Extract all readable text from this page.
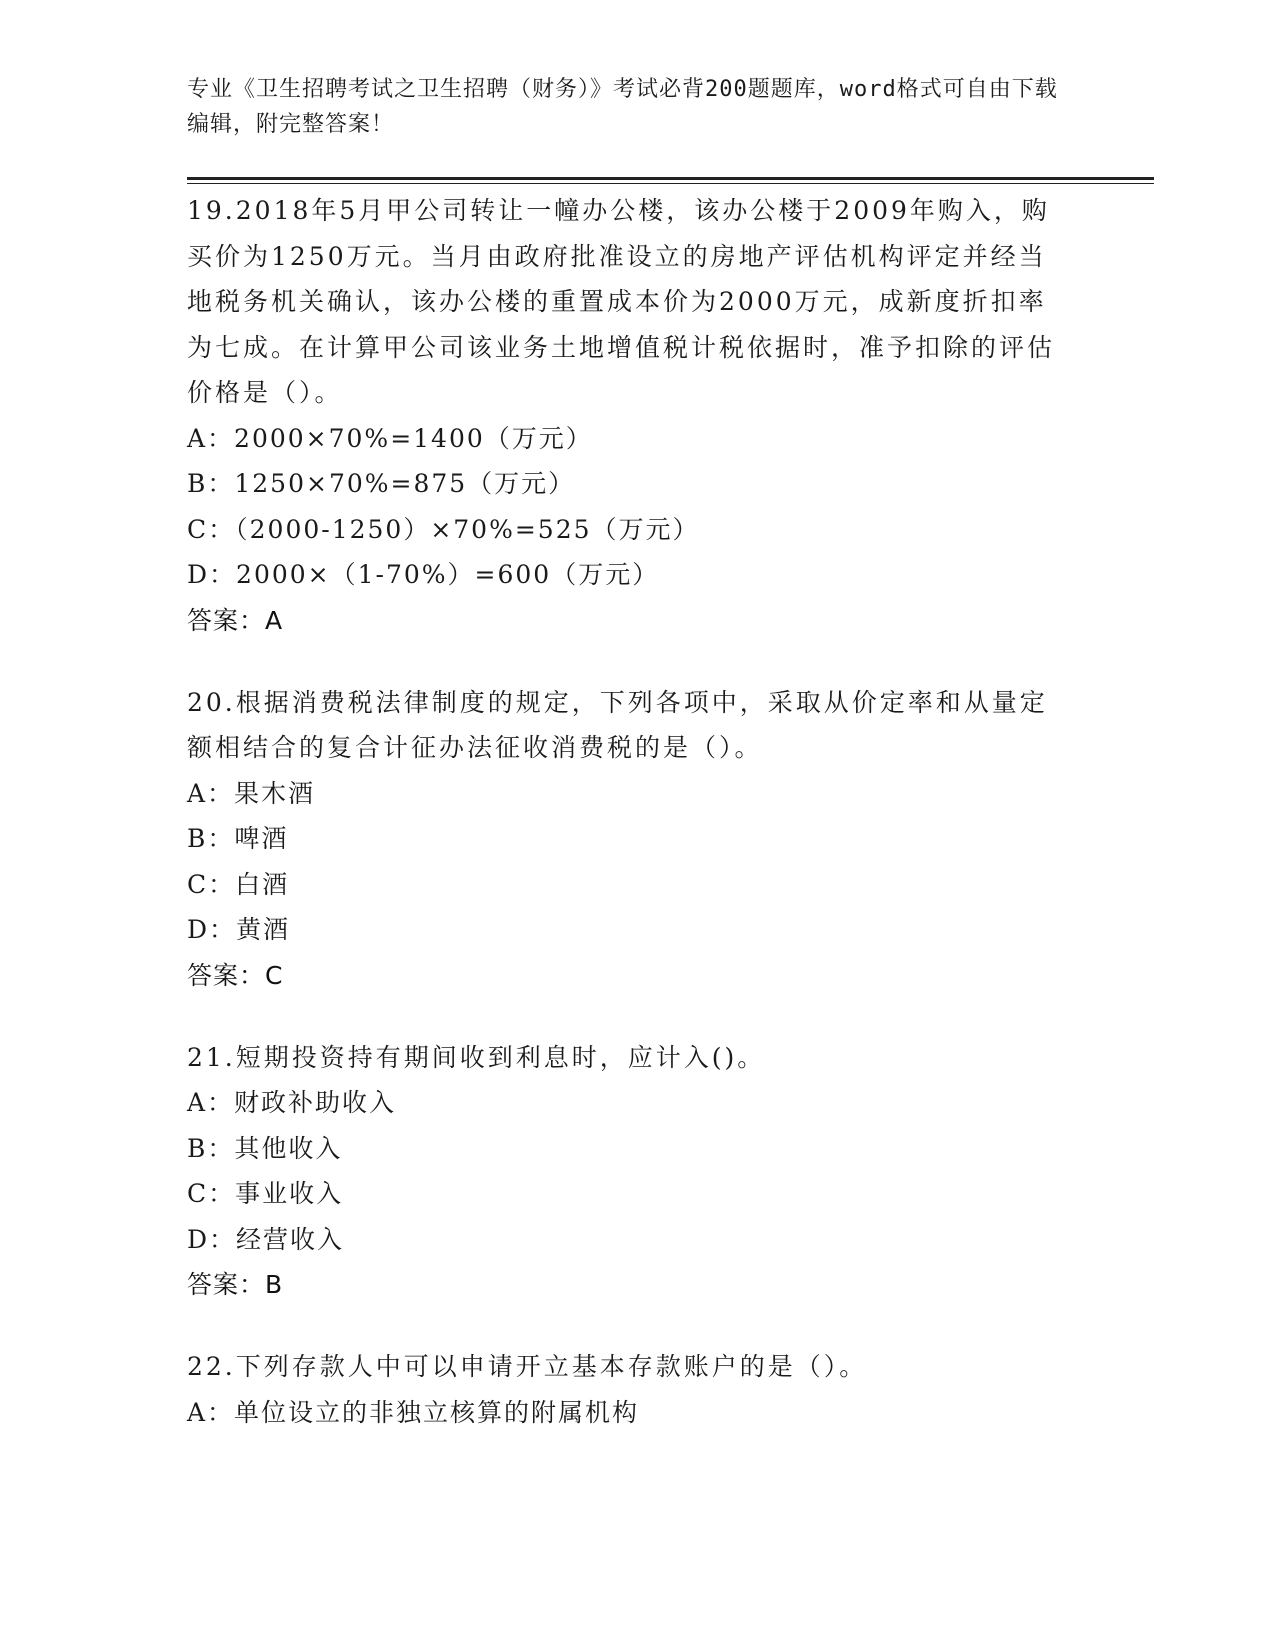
专业《卫生招聘考试之卫生招聘（财务）》考试必背200题题库，word格式可自由下载编辑，附完整答案！

19.2018年5月甲公司转让一幢办公楼，该办公楼于2009年购入，购买价为1250万元。当月由政府批准设立的房地产评估机构评定并经当地税务机关确认，该办公楼的重置成本价为2000万元，成新度折扣率为七成。在计算甲公司该业务土地增值税计税依据时，准予扣除的评估价格是（）。

A：2000×70%=1400（万元）

B：1250×70%=875（万元）

C：（2000-1250）×70%=525（万元）

D：2000×（1-70%）=600（万元）

答案：A

20.根据消费税法律制度的规定，下列各项中，采取从价定率和从量定额相结合的复合计征办法征收消费税的是（）。

A：果木酒

B：啤酒

C：白酒

D：黄酒

答案：C

21.短期投资持有期间收到利息时，应计入()。

A：财政补助收入

B：其他收入

C：事业收入

D：经营收入

答案：B

22.下列存款人中可以申请开立基本存款账户的是（）。

A：单位设立的非独立核算的附属机构
